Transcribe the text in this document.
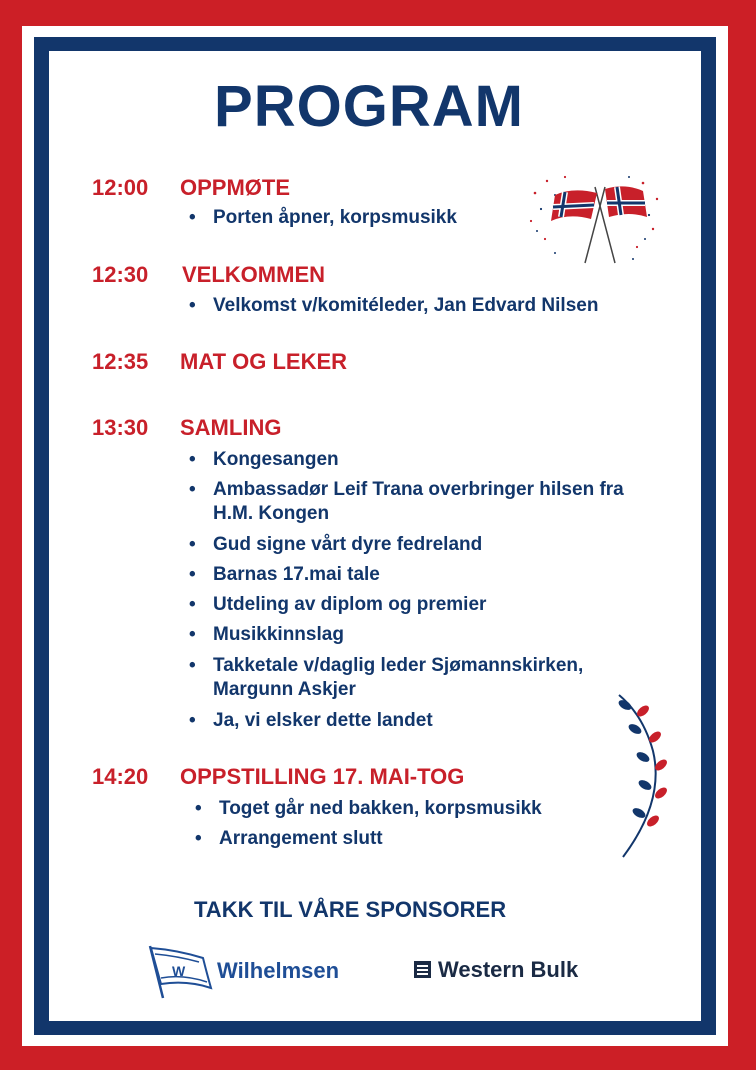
PROGRAM
12:00 OPPMØTE
• Porten åpner, korpsmusikk
12:30 VELKOMMEN
• Velkomst v/komitéleder, Jan Edvard Nilsen
12:35 MAT OG LEKER
13:30 SAMLING
• Kongesangen
• Ambassadør Leif Trana overbringer hilsen fra H.M. Kongen
• Gud signe vårt dyre fedreland
• Barnas 17.mai tale
• Utdeling av diplom og premier
• Musikkinnslag
• Takketale v/daglig leder Sjømannskirken, Margunn Askjer
• Ja, vi elsker dette landet
14:20 OPPSTILLING 17. MAI-TOG
• Toget går ned bakken, korpsmusikk
• Arrangement slutt
TAKK TIL VÅRE SPONSORER
W Wilhelmsen	Western Bulk
